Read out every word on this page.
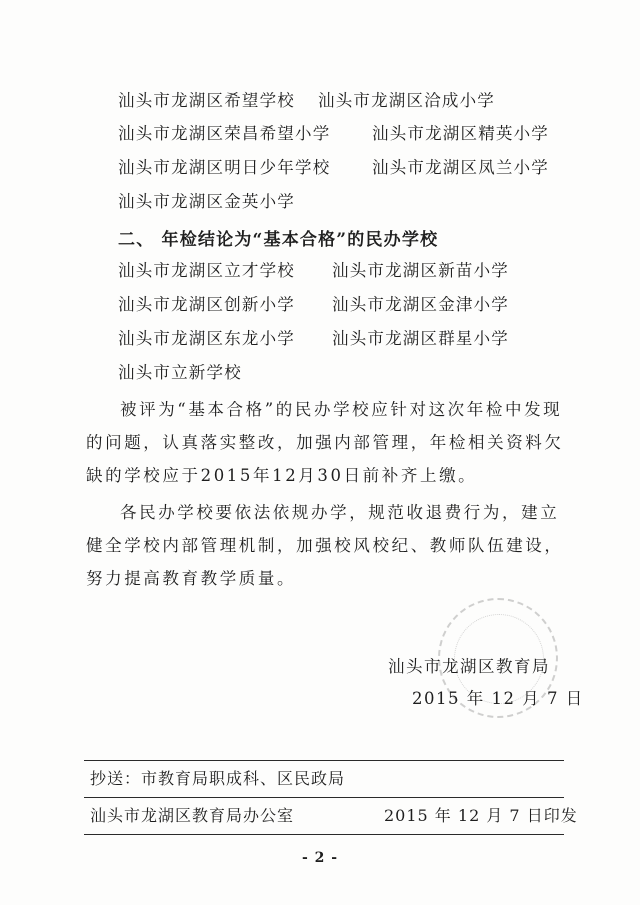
汕头市龙湖区希望学校 汕头市龙湖区洽成小学
汕头市龙湖区荣昌希望小学	汕头市龙湖区精英小学
汕头市龙湖区明日少年学校	汕头市龙湖区凤兰小学
汕头市龙湖区金英小学
二、 年检结论为“基本合格”的民办学校
汕头市龙湖区立才学校 汕头市龙湖区新苗小学
汕头市龙湖区创新小学 汕头市龙湖区金津小学
汕头市龙湖区东龙小学 汕头市龙湖区群星小学
汕头市立新学校
被评为“基本合格”的民办学校应针对这次年检中发现的问题，认真落实整改，加强内部管理，年检相关资料欠缺的学校应于2015年12月30日前补齐上缴。
各民办学校要依法依规办学，规范收退费行为，建立健全学校内部管理机制，加强校风校纪、教师队伍建设，努力提高教育教学质量。
汕头市龙湖区教育局
2015 年 12 月 7 日
抄送：市教育局职成科、区民政局
汕头市龙湖区教育局办公室	2015 年 12 月 7 日印发
- 2 -
